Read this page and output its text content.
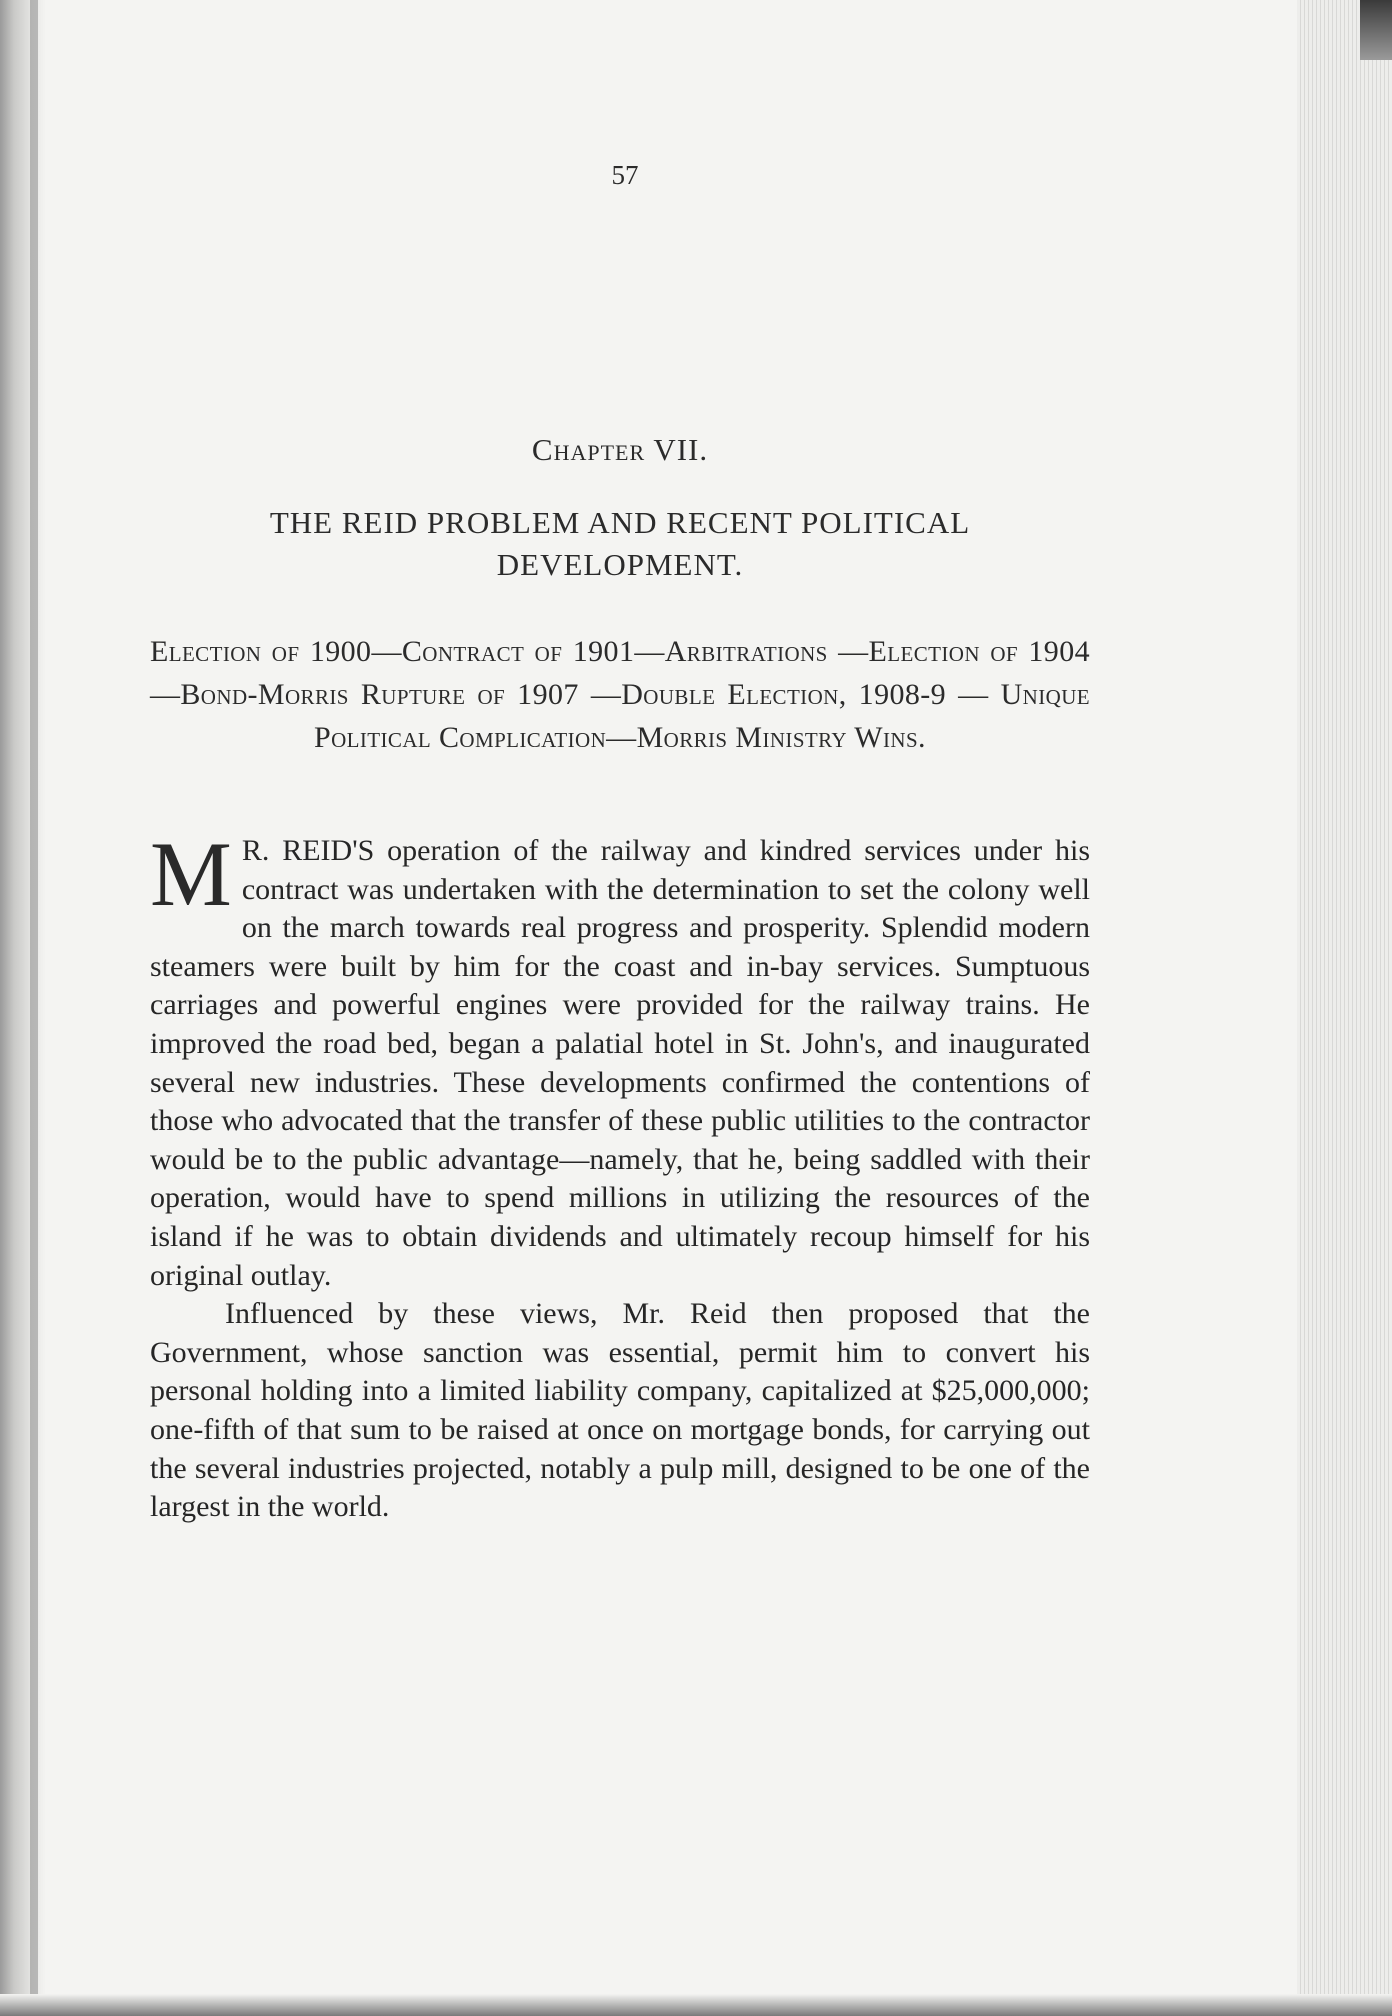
57
Chapter VII.
THE REID PROBLEM AND RECENT POLITICAL DEVELOPMENT.
Election of 1900—Contract of 1901—Arbitrations —Election of 1904—Bond-Morris Rupture of 1907 —Double Election, 1908-9 — Unique Political Complication—Morris Ministry Wins.

M R. REID'S operation of the railway and kindred services under his contract was undertaken with the determination to set the colony well on the march towards real progress and prosperity. Splendid modern steamers were built by him for the coast and in-bay services. Sumptuous carriages and powerful engines were provided for the railway trains. He improved the road bed, began a palatial hotel in St. John's, and inaugurated several new industries. These developments confirmed the contentions of those who advocated that the transfer of these public utilities to the contractor would be to the public advantage—namely, that he, being saddled with their operation, would have to spend millions in utilizing the resources of the island if he was to obtain dividends and ultimately recoup himself for his original outlay.

Influenced by these views, Mr. Reid then proposed that the Government, whose sanction was essential, permit him to convert his personal holding into a limited liability company, capitalized at $25,000,000; one-fifth of that sum to be raised at once on mortgage bonds, for carrying out the several industries projected, notably a pulp mill, designed to be one of the largest in the world.
